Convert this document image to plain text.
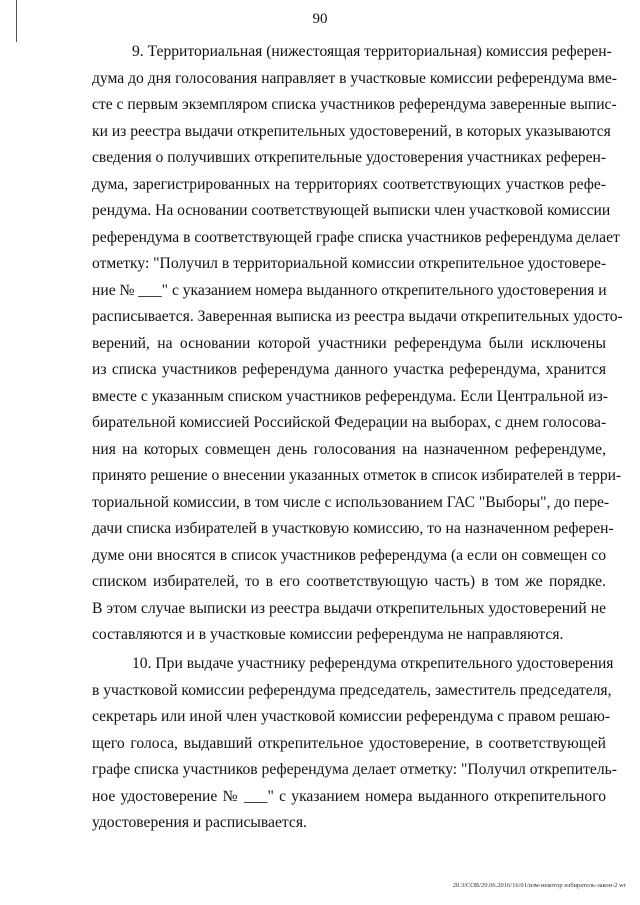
90
9. Территориальная (нижестоящая территориальная) комиссия референ-
дума до дня голосования направляет в участковые комиссии референдума вме-
сте с первым экземпляром списка участников референдума заверенные выпис-
ки из реестра выдачи открепительных удостоверений, в которых указываются
сведения о получивших открепительные удостоверения участниках референ-
дума, зарегистрированных на территориях соответствующих участков рефе-
рендума. На основании соответствующей выписки член участковой комиссии
референдума в соответствующей графе списка участников референдума делает
отметку: "Получил в территориальной комиссии открепительное удостовере-
ние № ___" с указанием номера выданного открепительного удостоверения и
расписывается. Заверенная выписка из реестра выдачи открепительных удосто-
верений, на основании которой участники референдума были исключены
из списка участников референдума данного участка референдума, хранится
вместе с указанным списком участников референдума. Если Центральной из-
бирательной комиссией Российской Федерации на выборах, с днем голосова-
ния на которых совмещен день голосования на назначенном референдуме,
принято решение о внесении указанных отметок в список избирателей в терри-
ториальной комиссии, в том числе с использованием ГАС "Выборы", до пере-
дачи списка избирателей в участковую комиссию, то на назначенном референ-
думе они вносятся в список участников референдума (а если он совмещен со
списком избирателей, то в его соответствующую часть) в том же порядке.
В этом случае выписки из реестра выдачи открепительных удостоверений не
составляются и в участковые комиссии референдума не направляются.
10. При выдаче участнику референдума открепительного удостоверения
в участковой комиссии референдума председатель, заместитель председателя,
секретарь или иной член участковой комиссии референдума с правом решаю-
щего голоса, выдавший открепительное удостоверение, в соответствующей
графе списка участников референдума делает отметку: "Получил открепитель-
ное удостоверение № ___" с указанием номера выданного открепительного
удостоверения и расписывается.
20.3/СОВ/29.06.2016/16:01/изм-некотор избиратель-закон-2 wr
